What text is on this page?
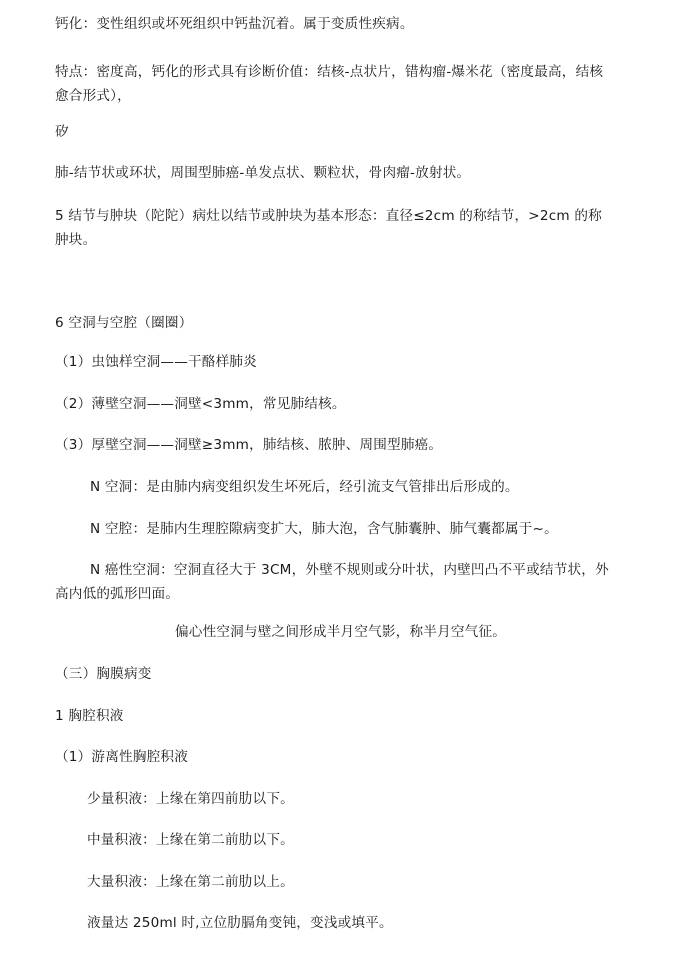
钙化：变性组织或坏死组织中钙盐沉着。属于变质性疾病。
特点：密度高，钙化的形式具有诊断价值：结核-点状片，错构瘤-爆米花（密度最高，结核愈合形式），
矽
肺-结节状或环状，周围型肺癌-单发点状、颗粒状，骨肉瘤-放射状。
5 结节与肿块（陀陀）病灶以结节或肿块为基本形态：直径≤2cm 的称结节，>2cm 的称肿块。
6 空洞与空腔（圈圈）
（1）虫蚀样空洞——干酪样肺炎
（2）薄壁空洞——洞壁<3mm，常见肺结核。
（3）厚壁空洞——洞壁≥3mm，肺结核、脓肿、周围型肺癌。
N 空洞：是由肺内病变组织发生坏死后，经引流支气管排出后形成的。
N 空腔：是肺内生理腔隙病变扩大，肺大泡，含气肺囊肿、肺气囊都属于~。
N 癌性空洞：空洞直径大于 3CM，外壁不规则或分叶状，内壁凹凸不平或结节状，外高内低的弧形凹面。
偏心性空洞与壁之间形成半月空气影，称半月空气征。
（三）胸膜病变
1 胸腔积液
（1）游离性胸腔积液
少量积液：上缘在第四前肋以下。
中量积液：上缘在第二前肋以下。
大量积液：上缘在第二前肋以上。
液量达 250ml 时,立位肋膈角变钝，变浅或填平。
